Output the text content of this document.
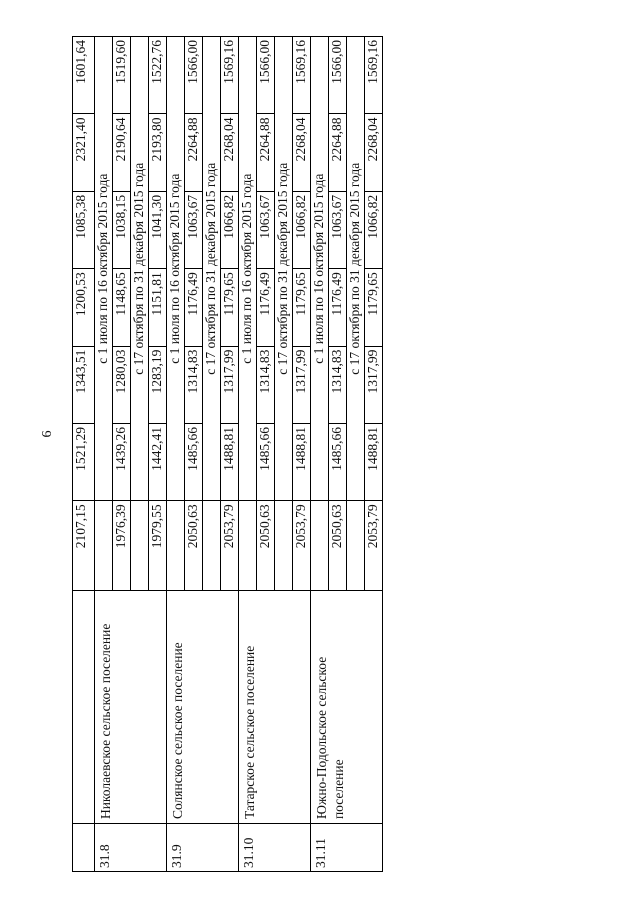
6
		2107,15	1521,29	1343,51	1200,53	1085,38	2321,40	1601,64
31.8	Николаевское сельское поселение		с 1 июля по 16 октября 2015 года					
		1976,39	1439,26	1280,03	1148,65	1038,15	2190,64	1519,60
			с 17 октября по 31 декабря 2015 года					
		1979,55	1442,41	1283,19	1151,81	1041,30	2193,80	1522,76
31.9	Солянское сельское поселение		с 1 июля по 16 октября 2015 года					
		2050,63	1485,66	1314,83	1176,49	1063,67	2264,88	1566,00
			с 17 октября по 31 декабря 2015 года					
		2053,79	1488,81	1317,99	1179,65	1066,82	2268,04	1569,16
31.10	Татарское сельское поселение		с 1 июля по 16 октября 2015 года					
		2050,63	1485,66	1314,83	1176,49	1063,67	2264,88	1566,00
			с 17 октября по 31 декабря 2015 года					
		2053,79	1488,81	1317,99	1179,65	1066,82	2268,04	1569,16
31.11	Южно-Подольское сельское поселение		с 1 июля по 16 октября 2015 года					
		2050,63	1485,66	1314,83	1176,49	1063,67	2264,88	1566,00
			с 17 октября по 31 декабря 2015 года					
		2053,79	1488,81	1317,99	1179,65	1066,82	2268,04	1569,16
